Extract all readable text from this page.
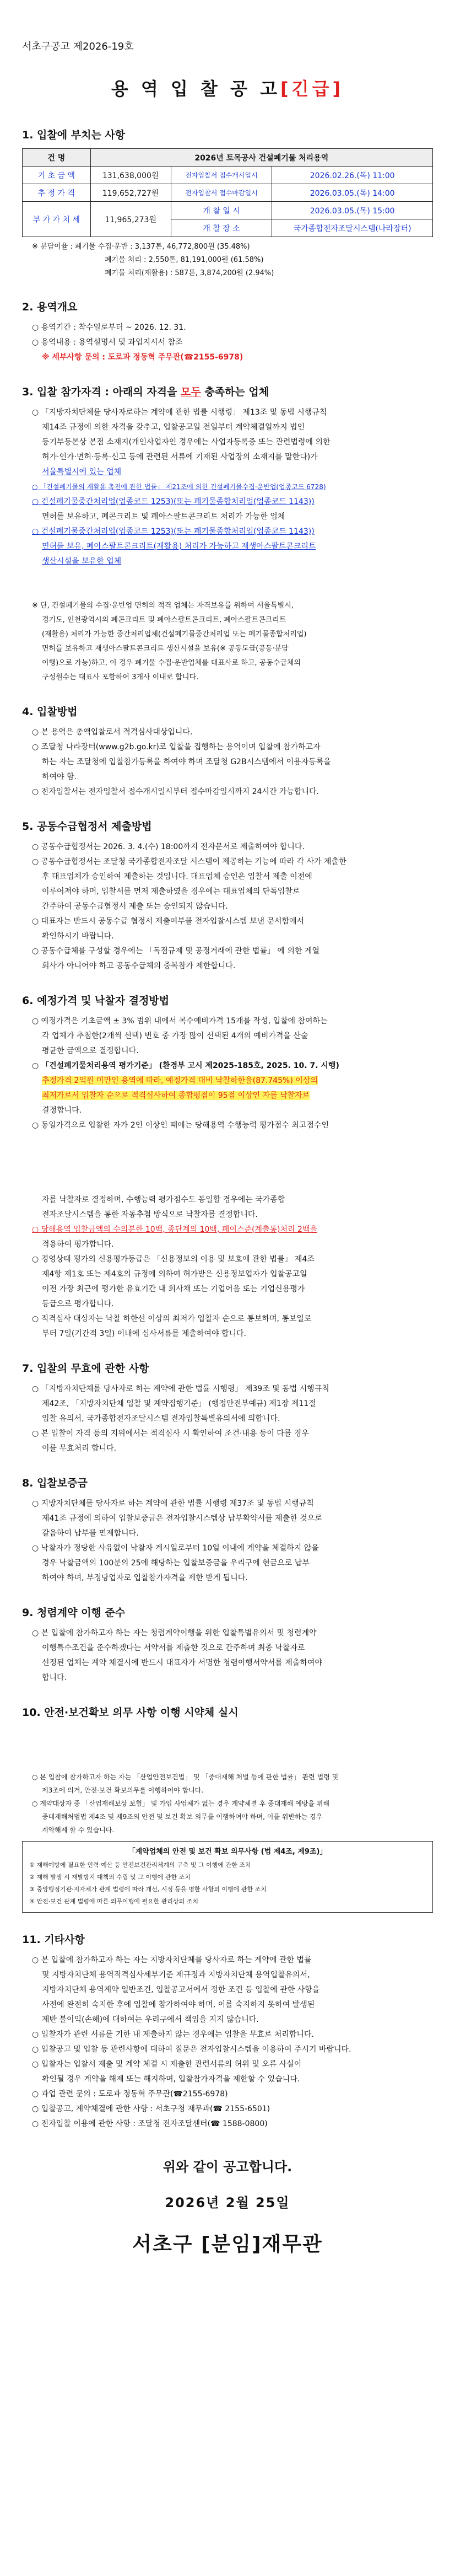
서초구공고 제2026-19호
용 역 입 찰 공 고[긴급]
1. 입찰에 부치는 사항
건 명	2026년 토목공사 건설폐기물 처리용역		
기 초 금 액	131,638,000원	전자입찰서 접수개시일시	2026.02.26.(목) 11:00
추 정 가 격	119,652,727원	전자입찰서 접수마감일시	2026.03.05.(목) 14:00
부 가 가 치 세	11,965,273원	개 찰 일 시	2026.03.05.(목) 15:00
		개 찰 장 소	국가종합전자조달시스템(나라장터)
※ 분담이율 : 폐기물 수집·운반 : 3,137톤, 46,772,800원 (35.48%)
폐기물 처리 : 2,550톤, 81,191,000원 (61.58%)
폐기물 처리(재활용) : 587톤, 3,874,200원 (2.94%)
2. 용역개요
○ 용역기간 : 착수일로부터 ~ 2026. 12. 31.
○ 용역내용 : 용역설명서 및 과업지시서 참조
※ 세부사항 문의 : 도로과 정동혁 주무관(☎2155-6978)
3. 입찰 참가자격 : 아래의 자격을 모두 충족하는 업체
○ 「지방자치단체를 당사자로하는 계약에 관한 법률 시행령」 제13조 및 동법 시행규칙
제14조 규정에 의한 자격을 갖추고, 입찰공고일 전일부터 계약체결일까지 법인
등기부등본상 본점 소재지(개인사업자인 경우에는 사업자등록증 또는 관련법령에 의한
허가·인가·면허·등록·신고 등에 관련된 서류에 기재된 사업장의 소재지를 말한다)가
서울특별시에 있는 업체
○ 「건설폐기물의 재활용 촉진에 관한 법률」 제21조에 의한 건설폐기물수집·운반업(업종코드 6728)
○ 건설폐기물중간처리업(업종코드 1253)(또는 폐기물종합처리업(업종코드 1143))
면허를 보유하고, 폐콘크리트 및 폐아스팔트콘크리트 처리가 가능한 업체
○ 건설폐기물중간처리업(업종코드 1253)(또는 폐기물종합처리업(업종코드 1143))
면허를 보유, 폐아스팔트콘크리트(재활용) 처리가 가능하고 재생아스팔트콘크리트
생산시설을 보유한 업체
※ 단, 건설폐기물의 수집·운반업 면허의 적격 업체는 자격보유를 위하여 서울특별시,
경기도, 인천광역시의 폐콘크리트 및 폐아스팔트콘크리트, 폐아스팔트콘크리트
(재활용) 처리가 가능한 중간처리업체(건설폐기물중간처리업 또는 폐기물종합처리업)
면허를 보유하고 재생아스팔트콘크리트 생산시설을 보유(※ 공동도급(공동·분담
이행)으로 가능)하고, 이 경우 폐기물 수집·운반업체를 대표사로 하고, 공동수급체의
구성원수는 대표사 포함하여 3개사 이내로 합니다.
4. 입찰방법
○ 본 용역은 총액입찰로서 적격심사대상입니다.
○ 조달청 나라장터(www.g2b.go.kr)로 입찰을 집행하는 용역이며 입찰에 참가하고자
하는 자는 조달청에 입찰참가등록을 하여야 하며 조달청 G2B시스템에서 이용자등록을
하여야 함.
○ 전자입찰서는 전자입찰서 접수개시일시부터 접수마감일시까지 24시간 가능합니다.
5. 공동수급협정서 제출방법
○ 공동수급협정서는 2026. 3. 4.(수) 18:00까지 전자문서로 제출하여야 합니다.
○ 공동수급협정서는 조달청 국가종합전자조달 시스템이 제공하는 기능에 따라 각 사가 제출한
후 대표업체가 승인하여 제출하는 것입니다. 대표업체 승인은 입찰서 제출 이전에
이루어져야 하며, 입찰서를 먼저 제출하였을 경우에는 대표업체의 단독입찰로
간주하여 공동수급협정서 제출 또는 승인되지 않습니다.
○ 대표자는 반드시 공동수급 협정서 제출여부를 전자입찰시스템 보낸 문서함에서
확인하시기 바랍니다.
○ 공동수급체를 구성할 경우에는 「독점규제 및 공정거래에 관한 법률」 에 의한 계열
회사가 아니어야 하고 공동수급체의 중복참가 제한합니다.
6. 예정가격 및 낙찰자 결정방법
○ 예정가격은 기초금액 ± 3% 범위 내에서 복수예비가격 15개를 작성, 입찰에 참여하는
각 업체가 추첨한(2개씩 선택) 번호 중 가장 많이 선택된 4개의 예비가격을 산술
평균한 금액으로 결정합니다.
○ 「건설폐기물처리용역 평가기준」 (환경부 고시 제2025-185호, 2025. 10. 7. 시행)
추정가격 2억원 미만인 용역에 따라, 예정가격 대비 낙찰하한율(87.745%) 이상의
최저가로서 입찰자 순으로 적격심사하여 종합평점이 95점 이상인 자를 낙찰자로
결정합니다.
○ 동일가격으로 입찰한 자가 2인 이상인 때에는 당해용역 수행능력 평가점수 최고점수인
자를 낙찰자로 결정하며, 수행능력 평가점수도 동일할 경우에는 국가종합
전자조달시스템을 통한 자동추첨 방식으로 낙찰자를 결정합니다.
○ 당해용역 입찰금액의 수의분한 10백, 종단계의 10백, 페이스준(계출통)처리 2백을
적용하여 평가합니다.
○ 경영상태 평가의 신용평가등급은 「신용정보의 이용 및 보호에 관한 법률」 제4조
제4항 제1호 또는 제4호의 규정에 의하여 허가받은 신용정보업자가 입찰공고일
이전 가장 최근에 평가한 유효기간 내 회사채 또는 기업어음 또는 기업신용평가
등급으로 평가합니다.
○ 적격심사 대상자는 낙찰 하한선 이상의 최저가 입찰자 순으로 통보하며, 통보일로
부터 7일(기간적 3일) 이내에 심사서류를 제출하여야 합니다.
7. 입찰의 무효에 관한 사항
○ 「지방자치단체를 당사자로 하는 계약에 관한 법률 시행령」 제39조 및 동법 시행규칙
제42조, 「지방자치단체 입찰 및 계약집행기준」 (행정안전부예규) 제1장 제11절
입찰 유의서, 국가종합전자조달시스템 전자입찰특별유의서에 의합니다.
○ 본 입찰이 자격 등의 지위에서는 적격심사 시 확인하여 조건·내용 등이 다를 경우
이를 무효처리 합니다.
8. 입찰보증금
○ 지방자치단체를 당사자로 하는 계약에 관한 법률 시행령 제37조 및 동법 시행규칙
제41조 규정에 의하여 입찰보증금은 전자입찰시스템상 납부확약서를 제출한 것으로
갈음하여 납부를 면제합니다.
○ 낙찰자가 정당한 사유없이 낙찰자 계시일로부터 10일 이내에 계약을 체결하지 않을
경우 낙찰금액의 100분의 25에 해당하는 입찰보증금을 우리구에 현금으로 납부
하여야 하며, 부정당업자로 입찰참가자격을 제한 받게 됩니다.
9. 청렴계약 이행 준수
○ 본 입찰에 참가하고자 하는 자는 청렴계약이행을 위한 입찰특별유의서 및 청렴계약
이행특수조건을 준수하겠다는 서약서를 제출한 것으로 간주하며 최종 낙찰자로
선정된 업체는 계약 체결시에 반드시 대표자가 서명한 청렴이행서약서를 제출하여야
합니다.
10. 안전·보건확보 의무 사항 이행 시약체 실시
○ 본 입찰에 참가하고자 하는 자는 「산업안전보건법」 및 「중대재해 처벌 등에 관한 법률」 관련 법령 및
제3조에 의거, 안전·보건 확보의무를 이행하여야 합니다.
○ 계약대상자 중 「산업재해보상 보험」 및 가입 사업체가 없는 경우 계약체결 후 중대재해 예방을 위해
중대재해처벌법 제4조 및 제9조의 안전 및 보건 확보 의무를 이행하여야 하며, 이를 위반하는 경우
계약해제 할 수 있습니다.
「계약업체의 안전 및 보건 확보 의무사항 (법 제4조, 제9조)」
① 재해예방에 필요한 인력·예산 등 안전보건관리체계의 구축 및 그 이행에 관한 조치
② 재해 발생 시 재발방지 대책의 수립 및 그 이행에 관한 조치
③ 중앙행정기관·지자체가 관계 법령에 따라 개선, 시정 등을 명한 사항의 이행에 관한 조치
④ 안전·보건 관계 법령에 따른 의무이행에 필요한 관리상의 조치
11. 기타사항
○ 본 입찰에 참가하고자 하는 자는 지방자치단체를 당사자로 하는 계약에 관한 법률
및 지방자치단체 용역적격심사세부기준 제규정과 지방자치단체 용역입찰유의서,
지방자치단체 용역계약 일반조건, 입찰공고서에서 정한 조건 등 입찰에 관한 사항을
사전에 완전히 숙지한 후에 입찰에 참가하여야 하며, 이를 숙지하지 못하여 발생된
제반 불이익(손해)에 대하여는 우리구에서 책임을 지지 않습니다.
○ 입찰자가 관련 서류를 기한 내 제출하지 않는 경우에는 입찰을 무효로 처리합니다.
○ 입찰공고 및 입찰 등 관련사항에 대하여 질문은 전자입찰시스템을 이용하여 주시기 바랍니다.
○ 입찰자는 입찰서 제출 및 계약 체결 시 제출한 관련서류의 허위 및 오류 사실이
확인될 경우 계약을 해제 또는 해지하며, 입찰참가자격을 제한할 수 있습니다.
○ 과업 관련 문의 : 도로과 정동혁 주무관(☎2155-6978)
○ 입찰공고, 계약체결에 관한 사항 : 서초구청 재무과(☎ 2155-6501)
○ 전자입찰 이용에 관한 사항 : 조달청 전자조달센터(☎ 1588-0800)
위와 같이 공고합니다.
2026년 2월 25일
서초구 [분임]재무관
